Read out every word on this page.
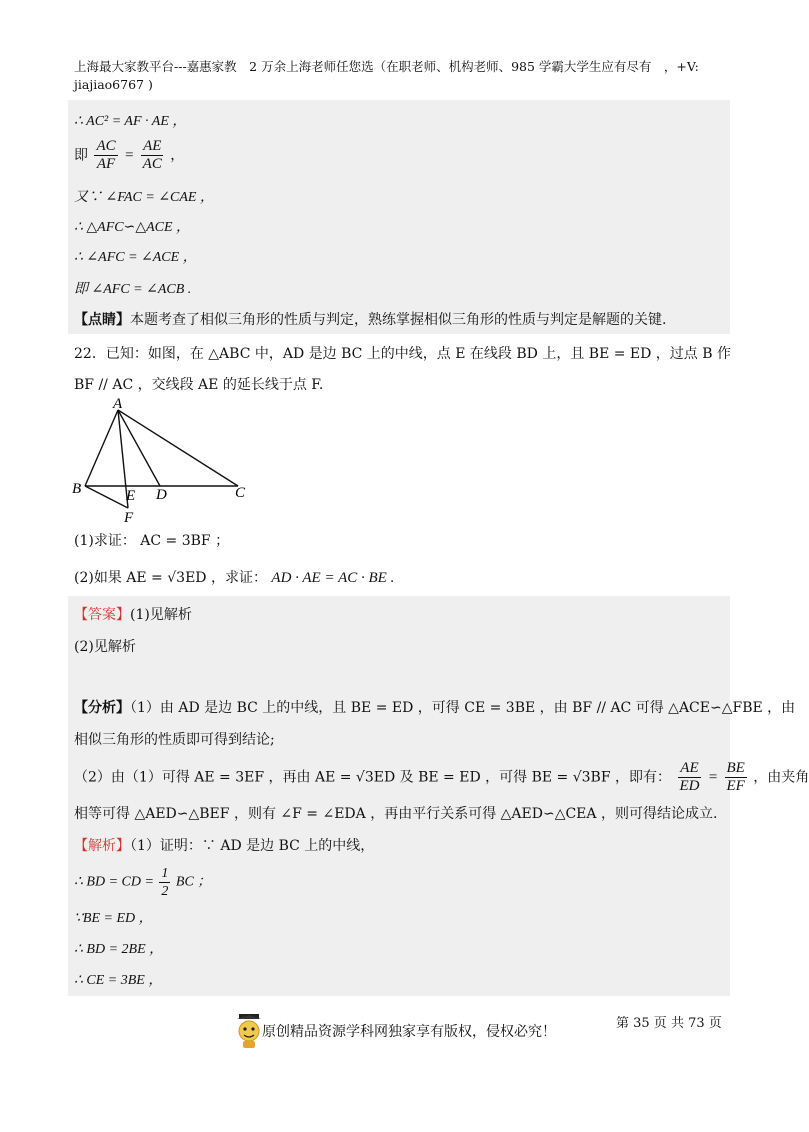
上海最大家教平台---嘉惠家教　2 万余上海老师任您选（在职老师、机构老师、985 学霸大学生应有尽有　，+V:
jiajiao6767 )
∴ AC² = AF · AE ，
即 $\frac{AC}{AF} = \frac{AE}{AC}$ ，
又∵ ∠FAC = ∠CAE ，
∴ △AFC∽△ACE ，
∴ ∠AFC = ∠ACE ，
即 ∠AFC = ∠ACB .
【点睛】本题考查了相似三角形的性质与判定，熟练掌握相似三角形的性质与判定是解题的关键.
22．已知：如图，在 △ABC 中，AD 是边 BC 上的中线，点 E 在线段 BD 上，且 BE = ED ，过点 B 作
BF // AC ，交线段 AE 的延长线于点 F.
A
B	E D	C
F
(1)求证： AC = 3BF ；
(2)如果 AE = √3ED ，求证： AD · AE = AC · BE .
【答案】(1)见解析
(2)见解析
【分析】（1）由 AD 是边 BC 上的中线，且 BE = ED ，可得 CE = 3BE ，由 BF // AC 可得 △ACE∽△FBE ，由
相似三角形的性质即可得到结论;
（2）由（1）可得 AE = 3EF ，再由 AE = √3ED 及 BE = ED ，可得 BE = √3BF ，即有： $\frac{AE}{ED} = \frac{BE}{EF}$ ，由夹角
相等可得 △AED∽△BEF ，则有 ∠F = ∠EDA ，再由平行关系可得 △AED∽△CEA ，则可得结论成立.
【解析】（1）证明：∵ AD 是边 BC 上的中线，
∴ BD = CD = $\frac{1}{2}$ BC ；
∵BE = ED ，
∴ BD = 2BE ，
∴ CE = 3BE ，
原创精品资源学科网独家享有版权，侵权必究！
第 35 页 共 73 页
